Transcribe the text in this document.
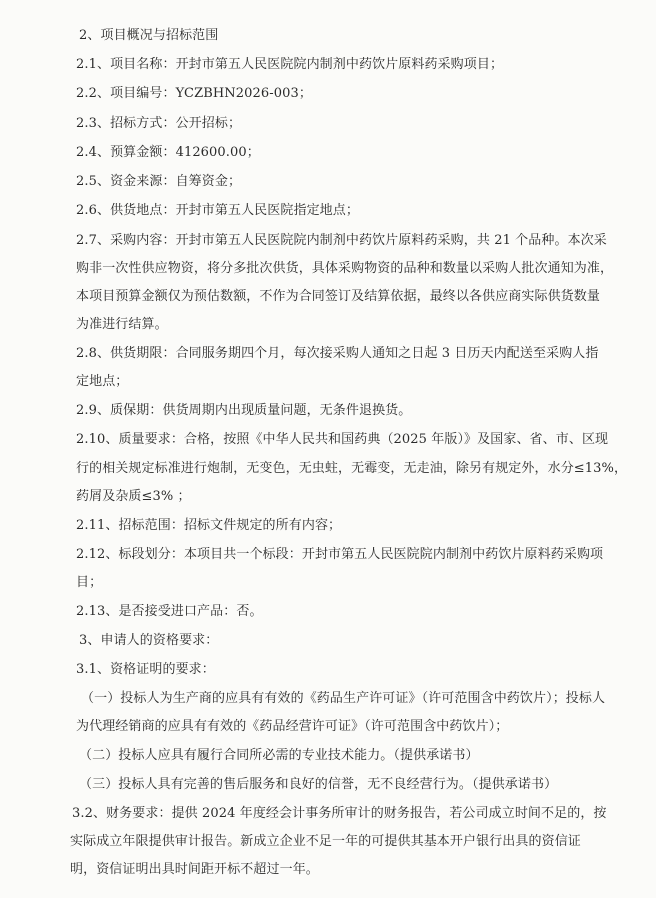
2、项目概况与招标范围
2.1、项目名称：开封市第五人民医院院内制剂中药饮片原料药采购项目；
2.2、项目编号：YCZBHN2026-003；
2.3、招标方式：公开招标；
2.4、预算金额：412600.00；
2.5、资金来源：自筹资金；
2.6、供货地点：开封市第五人民医院指定地点；
2.7、采购内容：开封市第五人民医院院内制剂中药饮片原料药采购，共 21 个品种。本次采
购非一次性供应物资，将分多批次供货，具体采购物资的品种和数量以采购人批次通知为准，
本项目预算金额仅为预估数额，不作为合同签订及结算依据，最终以各供应商实际供货数量
为准进行结算。
2.8、供货期限：合同服务期四个月，每次接采购人通知之日起 3 日历天内配送至采购人指
定地点；
2.9、质保期：供货周期内出现质量问题，无条件退换货。
2.10、质量要求：合格，按照《中华人民共和国药典（2025 年版）》及国家、省、市、区现
行的相关规定标准进行炮制，无变色，无虫蛀，无霉变，无走油，除另有规定外，水分≤13%，
药屑及杂质≤3% ；
2.11、招标范围：招标文件规定的所有内容；
2.12、标段划分：本项目共一个标段：开封市第五人民医院院内制剂中药饮片原料药采购项
目；
2.13、是否接受进口产品：否。
3、申请人的资格要求：
3.1、资格证明的要求：
（一）投标人为生产商的应具有有效的《药品生产许可证》（许可范围含中药饮片）；投标人
为代理经销商的应具有有效的《药品经营许可证》（许可范围含中药饮片）；
（二）投标人应具有履行合同所必需的专业技术能力。（提供承诺书）
（三）投标人具有完善的售后服务和良好的信誉，无不良经营行为。（提供承诺书）
3.2、财务要求：提供 2024 年度经会计事务所审计的财务报告，若公司成立时间不足的，按
实际成立年限提供审计报告。新成立企业不足一年的可提供其基本开户银行出具的资信证
明，资信证明出具时间距开标不超过一年。
